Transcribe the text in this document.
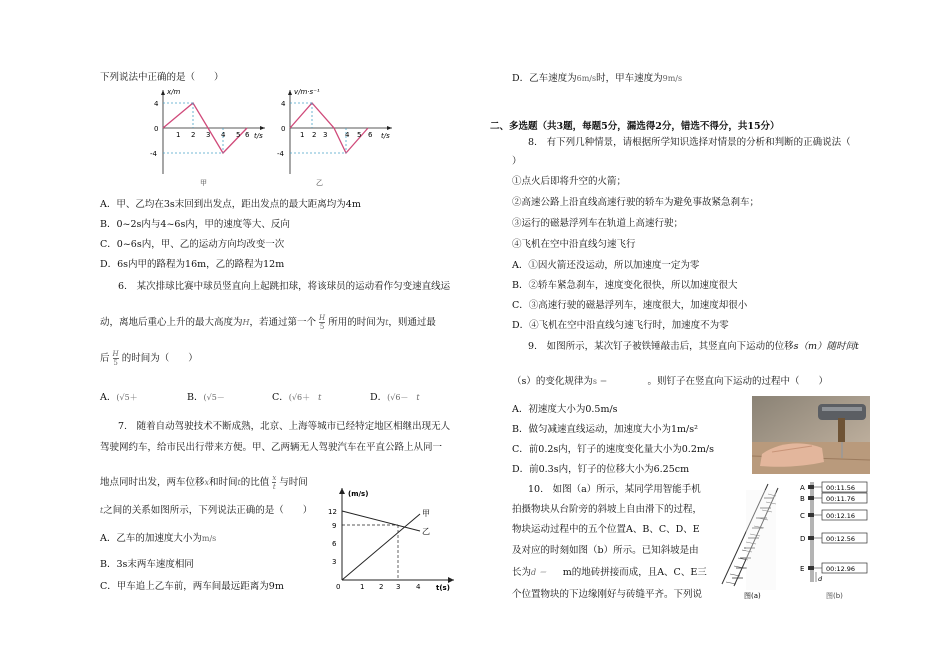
下列说法中正确的是（　　）
x/m
t/s
4
0
-4
1 2 3 4 5 6
甲
v/m·s⁻¹
t/s
4
0
-4
1 2 3	4 5 6
乙
A．甲、乙均在3s末回到出发点，距出发点的最大距离均为4m
B．0~2s内与4~6s内，甲的速度等大、反向
C．0~6s内，甲、乙的运动方向均改变一次
D．6s内甲的路程为16m，乙的路程为12m
6.　某次排球比赛中球员竖直向上起跳扣球，将该球员的运动看作匀变速直线运
动，离地后重心上升的最大高度为H，若通过第一个 $\frac{H}{5}$ 所用的时间为t，则通过最
后 $\frac{H}{5}$ 的时间为（　　）
A．(√5＋	B．(√5－	C．(√6＋　t	D．(√6－　t
7.　随着自动驾驶技术不断成熟，北京、上海等城市已经特定地区相继出现无人
驾驶网约车，给市民出行带来方便。甲、乙两辆无人驾驶汽车在平直公路上从同一
地点同时出发，两车位移x和时间t的比值 $\frac{x}{t}$ 与时间
t之间的关系如图所示，下列说法正确的是（　　）
A．乙车的加速度大小为m/s
B．3s末两车速度相同
C．甲车追上乙车前，两车间最远距离为9m
(m/s)
t(s)
甲
乙
12
9
6
3
0	1 2 3 4
D．乙车速度为6m/s时，甲车速度为9m/s
二、多选题（共3题，每题5分，漏选得2分，错选不得分，共15分）
8.　有下列几种情景，请根据所学知识选择对情景的分析和判断的正确说法（
）
①点火后即将升空的火箭；
②高速公路上沿直线高速行驶的轿车为避免事故紧急刹车；
③运行的磁悬浮列车在轨道上高速行驶；
④飞机在空中沿直线匀速飞行
A．①因火箭还没运动，所以加速度一定为零
B．②轿车紧急刹车，速度变化很快，所以加速度很大
C．③高速行驶的磁悬浮列车，速度很大，加速度却很小
D．④飞机在空中沿直线匀速飞行时，加速度不为零
9.　如图所示，某次钉子被铁锤敲击后，其竖直向下运动的位移s（m）随时间t
（s）的变化规律为s ＝　　　　　。则钉子在竖直向下运动的过程中（　　）
A．初速度大小为0.5m/s
B．做匀减速直线运动，加速度大小为1m/s²
C．前0.2s内，钉子的速度变化量大小为0.2m/s
D．前0.3s内，钉子的位移大小为6.25cm
10.　如图（a）所示，某同学用智能手机
拍摄物块从台阶旁的斜坡上自由滑下的过程，
物块运动过程中的五个位置A、B、C、D、E
及对应的时刻如图（b）所示。已知斜坡是由
长为d ＝　　 m的地砖拼接而成，且A、C、E三
个位置物块的下边缘刚好与砖缝平齐。下列说	图(a)
A
B
C
D
E
00:11.56
00:11.76
00:12.16
00:12.56
00:12.96
d
图(b)
